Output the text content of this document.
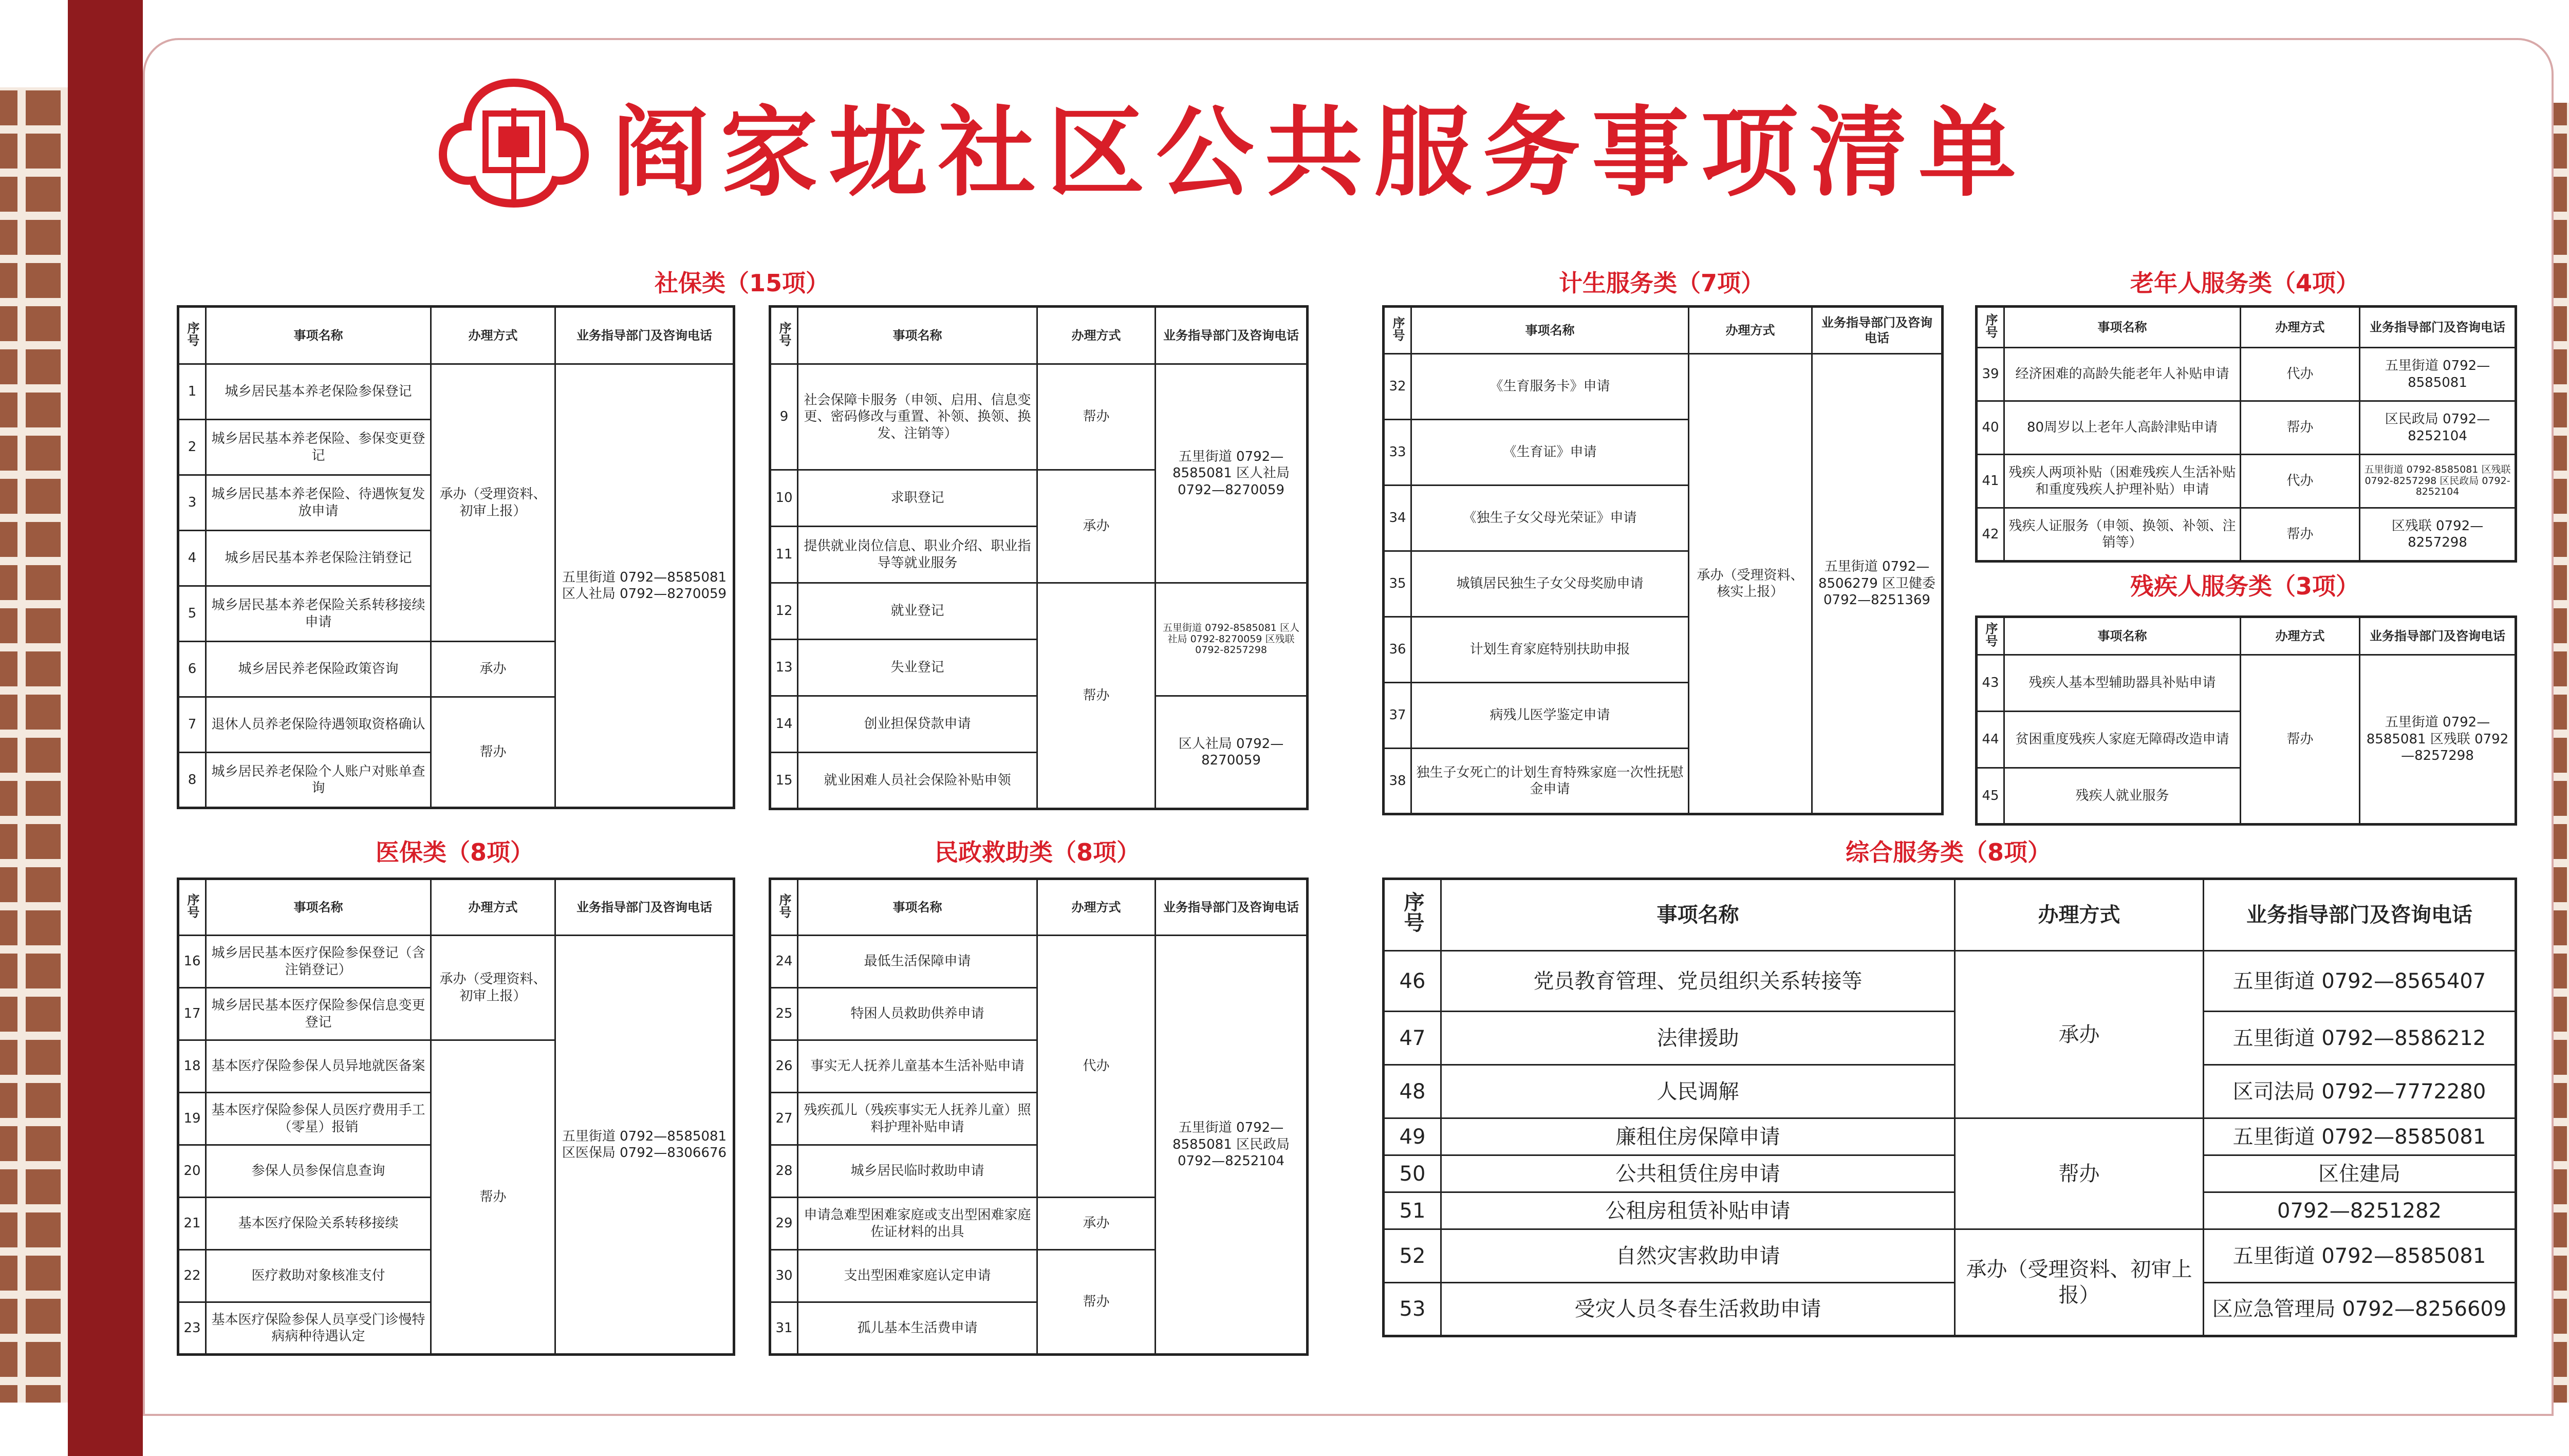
阎家垅社区公共服务事项清单
社保类（15项）
序号	事项名称	办理方式	业务指导部门及咨询电话
1	城乡居民基本养老保险参保登记	承办（受理资料、初审上报）	五里街道 0792—8585081 区人社局 0792—8270059
2	城乡居民基本养老保险、参保变更登记		
3	城乡居民基本养老保险、待遇恢复发放申请		
4	城乡居民基本养老保险注销登记		
5	城乡居民基本养老保险关系转移接续申请		
6	城乡居民养老保险政策咨询	承办	
7	退休人员养老保险待遇领取资格确认	帮办	
8	城乡居民养老保险个人账户对账单查询		
序号	事项名称	办理方式	业务指导部门及咨询电话
9	社会保障卡服务（申领、启用、信息变更、密码修改与重置、补领、换领、换发、注销等）	帮办	五里街道 0792—8585081 区人社局 0792—8270059
10	求职登记	承办	
11	提供就业岗位信息、职业介绍、职业指导等就业服务		
12	就业登记	帮办	五里街道 0792-8585081 区人社局 0792-8270059 区残联 0792-8257298
13	失业登记		
14	创业担保贷款申请		区人社局 0792—8270059
15	就业困难人员社会保险补贴申领		
医保类（8项）
序号	事项名称	办理方式	业务指导部门及咨询电话
16	城乡居民基本医疗保险参保登记（含注销登记）	承办（受理资料、初审上报）	五里街道 0792—8585081 区医保局 0792—8306676
17	城乡居民基本医疗保险参保信息变更登记		
18	基本医疗保险参保人员异地就医备案	帮办	
19	基本医疗保险参保人员医疗费用手工（零星）报销		
20	参保人员参保信息查询		
21	基本医疗保险关系转移接续		
22	医疗救助对象核准支付		
23	基本医疗保险参保人员享受门诊慢特病病种待遇认定		
民政救助类（8项）
序号	事项名称	办理方式	业务指导部门及咨询电话
24	最低生活保障申请	代办	五里街道 0792—8585081 区民政局 0792—8252104
25	特困人员救助供养申请		
26	事实无人抚养儿童基本生活补贴申请		
27	残疾孤儿（残疾事实无人抚养儿童）照料护理补贴申请		
28	城乡居民临时救助申请		
29	申请急难型困难家庭或支出型困难家庭佐证材料的出具	承办	
30	支出型困难家庭认定申请	帮办	
31	孤儿基本生活费申请		
计生服务类（7项）
序号	事项名称	办理方式	业务指导部门及咨询电话
32	《生育服务卡》申请	承办（受理资料、核实上报）	五里街道 0792—8506279 区卫健委 0792—8251369
33	《生育证》申请		
34	《独生子女父母光荣证》申请		
35	城镇居民独生子女父母奖励申请		
36	计划生育家庭特别扶助申报		
37	病残儿医学鉴定申请		
38	独生子女死亡的计划生育特殊家庭一次性抚慰金申请		
老年人服务类（4项）
序号	事项名称	办理方式	业务指导部门及咨询电话
39	经济困难的高龄失能老年人补贴申请	代办	五里街道 0792—8585081
40	80周岁以上老年人高龄津贴申请	帮办	区民政局 0792—8252104
41	残疾人两项补贴（困难残疾人生活补贴和重度残疾人护理补贴）申请	代办	五里街道 0792-8585081 区残联 0792-8257298 区民政局 0792-8252104
42	残疾人证服务（申领、换领、补领、注销等）	帮办	区残联 0792—8257298
残疾人服务类（3项）
序号	事项名称	办理方式	业务指导部门及咨询电话
43	残疾人基本型辅助器具补贴申请	帮办	五里街道 0792—8585081 区残联 0792—8257298
44	贫困重度残疾人家庭无障碍改造申请		
45	残疾人就业服务		
综合服务类（8项）
序号	事项名称	办理方式	业务指导部门及咨询电话
46	党员教育管理、党员组织关系转接等	承办	五里街道 0792—8565407
47	法律援助		五里街道 0792—8586212
48	人民调解		区司法局 0792—7772280
49	廉租住房保障申请	帮办	五里街道 0792—8585081
50	公共租赁住房申请		区住建局
51	公租房租赁补贴申请		0792—8251282
52	自然灾害救助申请	承办（受理资料、初审上报）	五里街道 0792—8585081
53	受灾人员冬春生活救助申请		区应急管理局 0792—8256609
